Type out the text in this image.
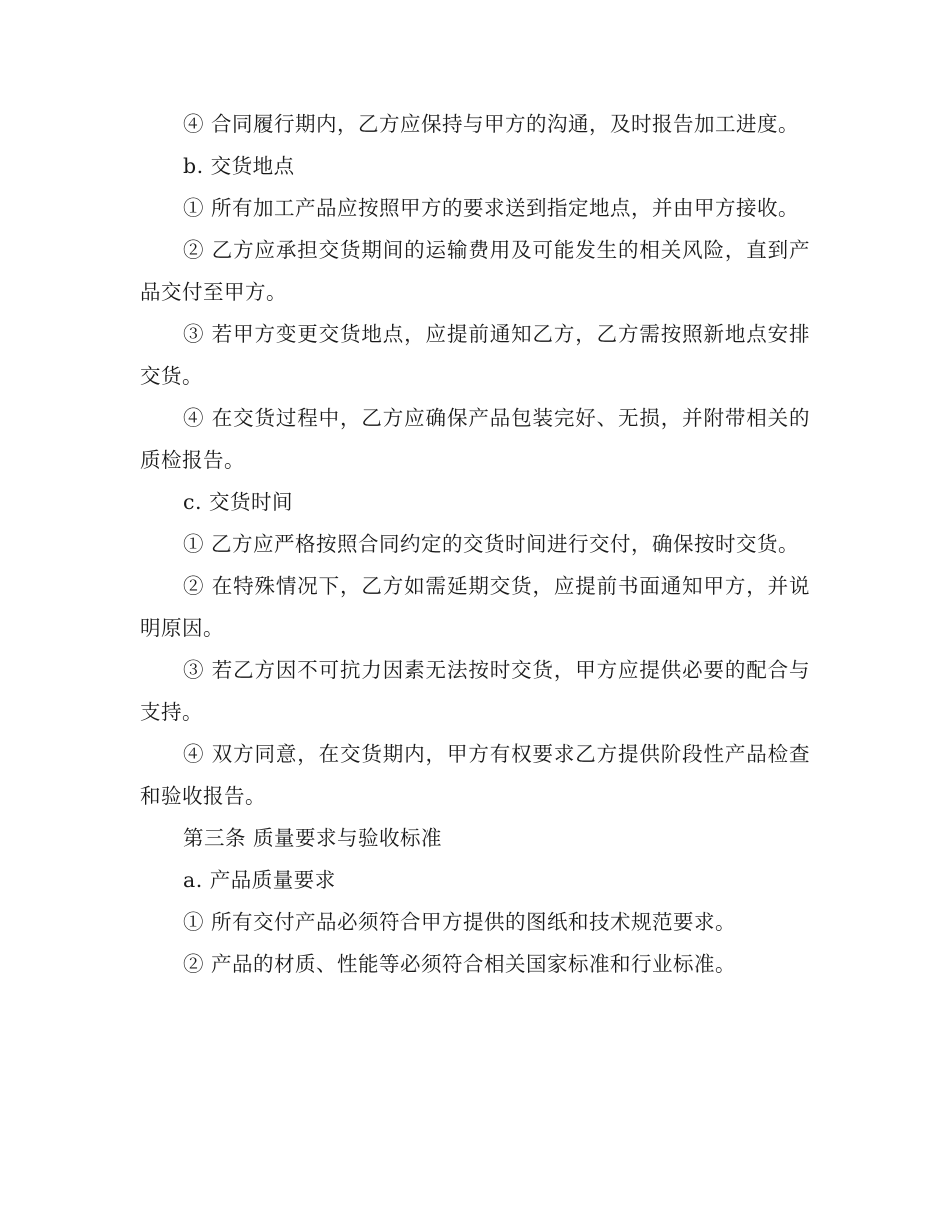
④ 合同履行期内，乙方应保持与甲方的沟通，及时报告加工进度。

b. 交货地点

① 所有加工产品应按照甲方的要求送到指定地点，并由甲方接收。

② 乙方应承担交货期间的运输费用及可能发生的相关风险，直到产品交付至甲方。

③ 若甲方变更交货地点，应提前通知乙方，乙方需按照新地点安排交货。

④ 在交货过程中，乙方应确保产品包装完好、无损，并附带相关的质检报告。

c. 交货时间

① 乙方应严格按照合同约定的交货时间进行交付，确保按时交货。

② 在特殊情况下，乙方如需延期交货，应提前书面通知甲方，并说明原因。

③ 若乙方因不可抗力因素无法按时交货，甲方应提供必要的配合与支持。

④ 双方同意，在交货期内，甲方有权要求乙方提供阶段性产品检查和验收报告。

第三条 质量要求与验收标准

a. 产品质量要求

① 所有交付产品必须符合甲方提供的图纸和技术规范要求。

② 产品的材质、性能等必须符合相关国家标准和行业标准。
